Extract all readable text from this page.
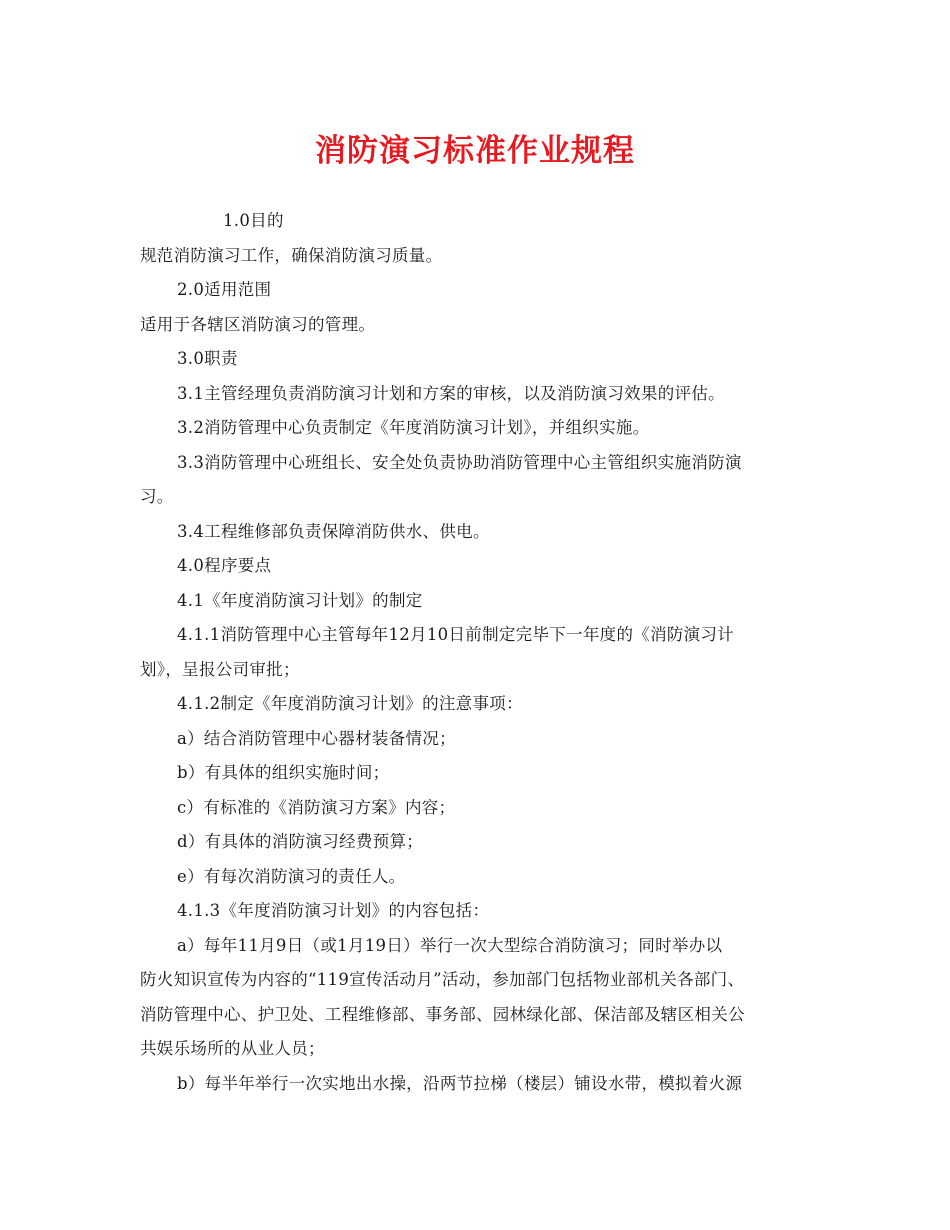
消防演习标准作业规程
1.0目的
规范消防演习工作，确保消防演习质量。
2.0适用范围
适用于各辖区消防演习的管理。
3.0职责
3.1主管经理负责消防演习计划和方案的审核，以及消防演习效果的评估。
3.2消防管理中心负责制定《年度消防演习计划》，并组织实施。
3.3消防管理中心班组长、安全处负责协助消防管理中心主管组织实施消防演
习。
3.4工程维修部负责保障消防供水、供电。
4.0程序要点
4.1《年度消防演习计划》的制定
4.1.1消防管理中心主管每年12月10日前制定完毕下一年度的《消防演习计
划》，呈报公司审批；
4.1.2制定《年度消防演习计划》的注意事项：
a）结合消防管理中心器材装备情况；
b）有具体的组织实施时间；
c）有标准的《消防演习方案》内容；
d）有具体的消防演习经费预算；
e）有每次消防演习的责任人。
4.1.3《年度消防演习计划》的内容包括：
a）每年11月9日（或1月19日）举行一次大型综合消防演习；同时举办以
防火知识宣传为内容的“119宣传活动月”活动，参加部门包括物业部机关各部门、
消防管理中心、护卫处、工程维修部、事务部、园林绿化部、保洁部及辖区相关公
共娱乐场所的从业人员；
b）每半年举行一次实地出水操，沿两节拉梯（楼层）铺设水带，模拟着火源
